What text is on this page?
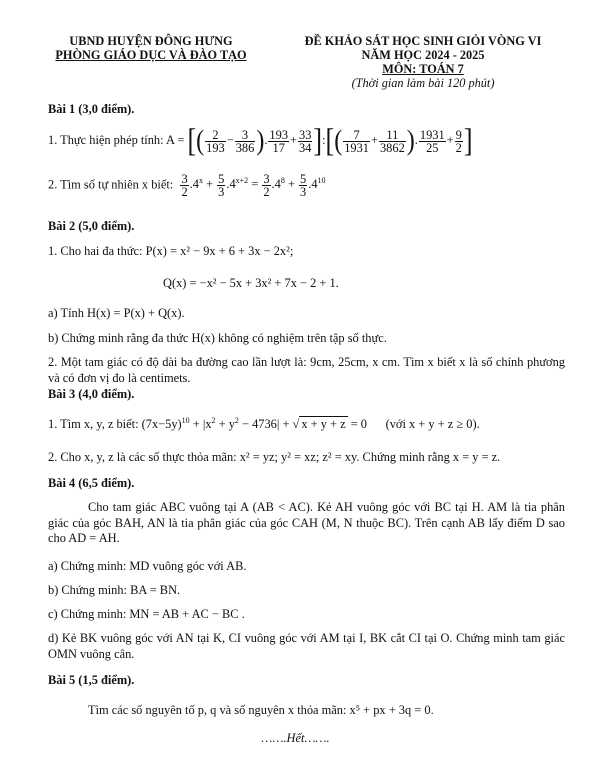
UBND HUYỆN ĐÔNG HƯNG
PHÒNG GIÁO DỤC VÀ ĐÀO TẠO
ĐỀ KHẢO SÁT HỌC SINH GIỎI VÒNG VI
NĂM HỌC 2024 - 2025
MÔN: TOÁN 7
(Thời gian làm bài 120 phút)
Bài 1 (3,0 điểm).
1. Thực hiện phép tính: A = [( $\frac{2}{193} - \frac{3}{386}$ ). $\frac{193}{17} + \frac{33}{34}$ ]:[( $\frac{7}{1931} + \frac{11}{3862}$ ). $\frac{1931}{25} + \frac{9}{2}$ ]
2. Tìm số tự nhiên x biết: $\frac{3}{2} .4^x + \frac{5}{3} .4^{x+2} = \frac{3}{2} .4^8 + \frac{5}{3} .4^{10}$
Bài 2 (5,0 điểm).
1. Cho hai đa thức: P(x) = x² − 9x + 6 + 3x − 2x²;
Q(x) = −x² − 5x + 3x² + 7x − 2 + 1.
a) Tính H(x) = P(x) + Q(x).
b) Chứng minh rằng đa thức H(x) không có nghiệm trên tập số thực.
2. Một tam giác có độ dài ba đường cao lần lượt là: 9cm, 25cm, x cm. Tìm x biết x là số chính phương và có đơn vị đo là centimets.
Bài 3 (4,0 điểm).
1. Tìm x, y, z biết: $(7x-5y)^{10} + |x^2 + y^2 - 4736|$ + √ x + y + z = 0 (với x + y + z ≥ 0).
2. Cho x, y, z là các số thực thỏa mãn: x² = yz; y² = xz; z² = xy. Chứng minh rằng x = y = z.
Bài 4 (6,5 điểm).
Cho tam giác ABC vuông tại A (AB < AC). Kẻ AH vuông góc với BC tại H. AM là tia phân giác của góc BAH, AN là tia phân giác của góc CAH (M, N thuộc BC). Trên cạnh AB lấy điểm D sao cho AD = AH.
a) Chứng minh: MD vuông góc với AB.
b) Chứng minh: BA = BN.
c) Chứng minh: MN = AB + AC − BC .
d) Kẻ BK vuông góc với AN tại K, CI vuông góc với AM tại I, BK cắt CI tại O. Chứng minh tam giác OMN vuông cân.
Bài 5 (1,5 điểm).
Tìm các số nguyên tố p, q và số nguyên x thỏa mãn: x⁵ + px + 3q = 0.
…….Hết…….
